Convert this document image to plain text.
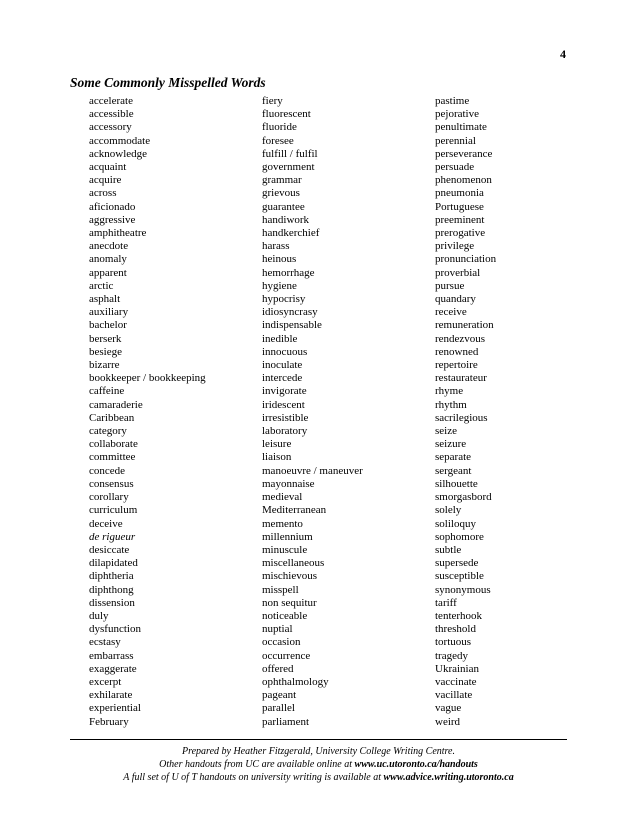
4
Some Commonly Misspelled Words
accelerate
accessible
accessory
accommodate
acknowledge
acquaint
acquire
across
aficionado
aggressive
amphitheatre
anecdote
anomaly
apparent
arctic
asphalt
auxiliary
bachelor
berserk
besiege
bizarre
bookkeeper / bookkeeping
caffeine
camaraderie
Caribbean
category
collaborate
committee
concede
consensus
corollary
curriculum
deceive
de rigueur
desiccate
dilapidated
diphtheria
diphthong
dissension
duly
dysfunction
ecstasy
embarrass
exaggerate
excerpt
exhilarate
experiential
February
fiery
fluorescent
fluoride
foresee
fulfill / fulfil
government
grammar
grievous
guarantee
handiwork
handkerchief
harass
heinous
hemorrhage
hygiene
hypocrisy
idiosyncrasy
indispensable
inedible
innocuous
inoculate
intercede
invigorate
iridescent
irresistible
laboratory
leisure
liaison
manoeuvre / maneuver
mayonnaise
medieval
Mediterranean
memento
millennium
minuscule
miscellaneous
mischievous
misspell
non sequitur
noticeable
nuptial
occasion
occurrence
offered
ophthalmology
pageant
parallel
parliament
pastime
pejorative
penultimate
perennial
perseverance
persuade
phenomenon
pneumonia
Portuguese
preeminent
prerogative
privilege
pronunciation
proverbial
pursue
quandary
receive
remuneration
rendezvous
renowned
repertoire
restaurateur
rhyme
rhythm
sacrilegious
seize
seizure
separate
sergeant
silhouette
smorgasbord
solely
soliloquy
sophomore
subtle
supersede
susceptible
synonymous
tariff
tenterhook
threshold
tortuous
tragedy
Ukrainian
vaccinate
vacillate
vague
weird
Prepared by Heather Fitzgerald, University College Writing Centre.
Other handouts from UC are available online at www.uc.utoronto.ca/handouts
A full set of U of T handouts on university writing is available at www.advice.writing.utoronto.ca
